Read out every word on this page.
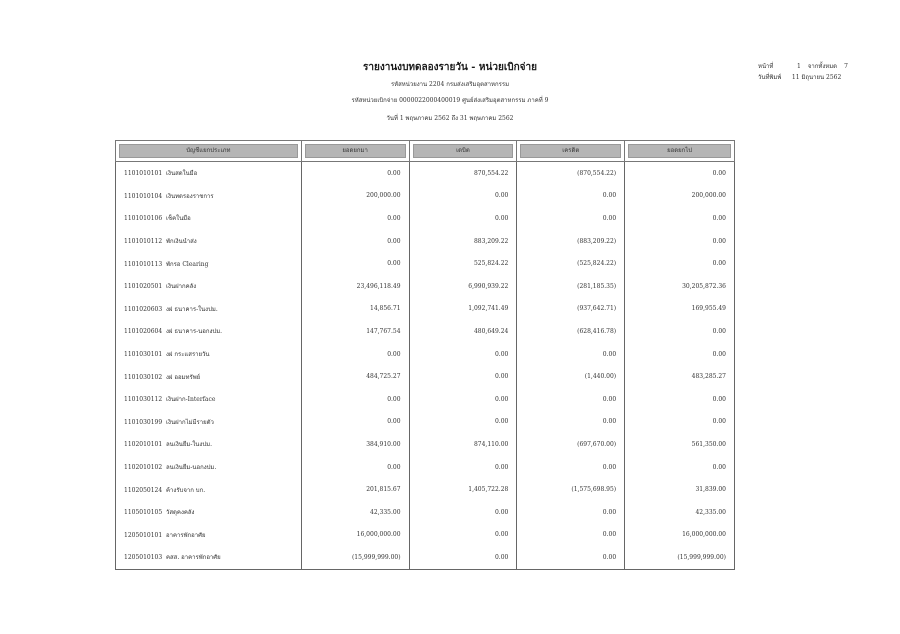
รายงานงบทดลองรายวัน - หน่วยเบิกจ่าย
รหัสหน่วยงาน 2204 กรมส่งเสริมอุตสาหกรรม
รหัสหน่วยเบิกจ่าย 0000022000400019 ศูนย์ส่งเสริมอุตสาหกรรม ภาคที่ 9
วันที่ 1 พฤษภาคม 2562 ถึง 31 พฤษภาคม 2562
หน้าที่	1 จากทั้งหมด 7
วันที่พิมพ์ 11 มิถุนายน 2562
บัญชีแยกประเภท	ยอดยกมา	เดบิต	เครดิต	ยอดยกไป

1101010101 เงินสดในมือ	0.00	870,554.22	(870,554.22)	0.00
1101010104 เงินทดรองราชการ	200,000.00	0.00	0.00	200,000.00
1101010106 เช็คในมือ	0.00	0.00	0.00	0.00
1101010112 พักเงินนำส่ง	0.00	883,209.22	(883,209.22)	0.00
1101010113 พักรอ Clearing	0.00	525,824.22	(525,824.22)	0.00
1101020501 เงินฝากคลัง	23,496,118.49	6,990,939.22	(281,185.35)	30,205,872.36
1101020603 งฝ ธนาคาร-ในงปม.	14,856.71	1,092,741.49	(937,642.71)	169,955.49
1101020604 งฝ ธนาคาร-นอกงปม.	147,767.54	480,649.24	(628,416.78)	0.00
1101030101 งฝ กระแสรายวัน	0.00	0.00	0.00	0.00
1101030102 งฝ ออมทรัพย์	484,725.27	0.00	(1,440.00)	483,285.27
1101030112 เงินฝาก-Interface	0.00	0.00	0.00	0.00
1101030199 เงินฝากไม่มีรายตัว	0.00	0.00	0.00	0.00
1102010101 ลนเงินยืม-ในงปม.	384,910.00	874,110.00	(697,670.00)	561,350.00
1102010102 ลนเงินยืม-นอกงปม.	0.00	0.00	0.00	0.00
1102050124 ค้างรับจาก บก.	201,815.67	1,405,722.28	(1,575,698.95)	31,839.00
1105010105 วัสดุคงคลัง	42,335.00	0.00	0.00	42,335.00
1205010101 อาคารพักอาศัย	16,000,000.00	0.00	0.00	16,000,000.00
1205010103 คสส. อาคารพักอาศัย	(15,999,999.00)	0.00	0.00	(15,999,999.00)
